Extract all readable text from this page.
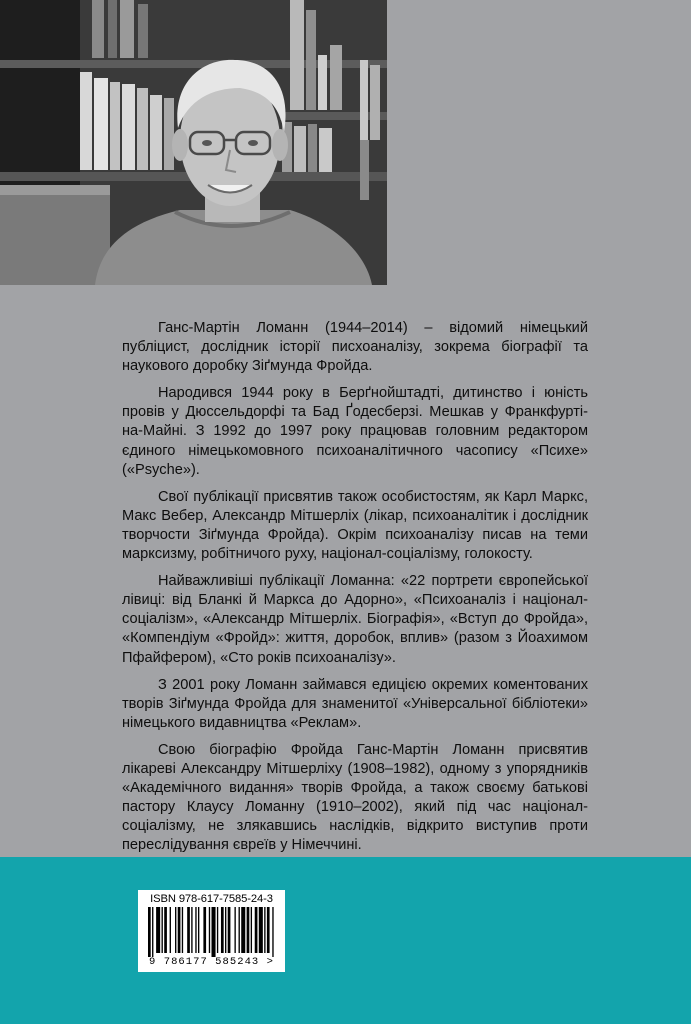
Ганс-Мартін Ломанн (1944–2014) – відомий німецький публіцист, дослідник історії писхоаналізу, зокрема біографії та наукового доробку Зіґмунда Фройда.

Народився 1944 року в Берґнойштадті, дитинство і юність провів у Дюссельдорфі та Бад Ґодесберзі. Мешкав у Франкфурті-на-Майні. З 1992 до 1997 року працював головним редактором єдиного німецькомовного психоаналітичного часопису «Психе» («Psyche»).

Свої публікації присвятив також особистостям, як Карл Маркс, Макс Вебер, Александр Мітшерліх (лікар, психоаналітик і дослідник творчости Зіґмунда Фройда). Окрім психоаналізу писав на теми марксизму, робітничого руху, націонал-соціалізму, голокосту.

Найважливіші публікації Ломанна: «22 портрети європейської лівиці: від Бланкі й Маркса до Адорно», «Психоаналіз і націонал-соціалізм», «Александр Мітшерліх. Біографія», «Вступ до Фройда», «Компендіум «Фройд»: життя, доробок, вплив» (разом з Йоахимом Пфайфером), «Сто років психоаналізу».

З 2001 року Ломанн займався едицією окремих коментованих творів Зіґмунда Фройда для знаменитої «Універсальної бібліотеки» німецького видавництва «Реклам».

Свою біографію Фройда Ганс-Мартін Ломанн присвятив лікареві Александру Мітшерліху (1908–1982), одному з упорядників «Академічного видання» творів Фройда, а також своєму батькові пастору Клаусу Ломанну (1910–2002), який під час націонал-соціалізму, не злякавшись наслідків, відкрито виступив проти переслідування євреїв у Німеччині.

ISBN 978-617-7585-24-3
9 786177 585243 >
